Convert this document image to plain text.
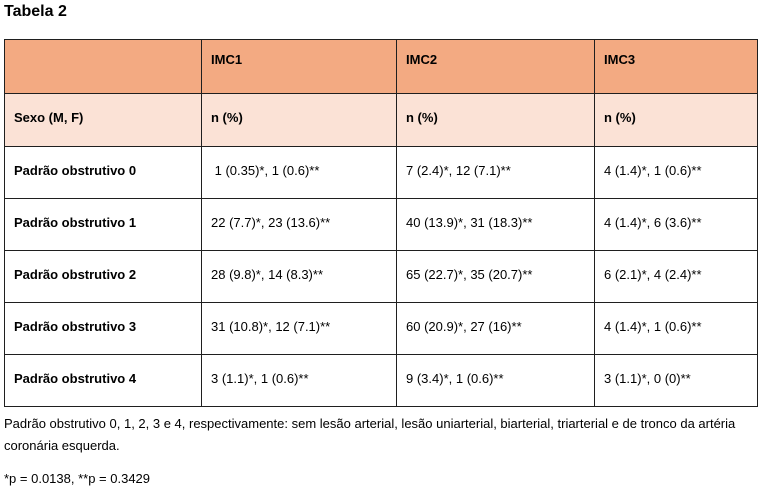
Tabela 2
	IMC1	IMC2	IMC3
Sexo (M, F)	n (%)	n (%)	n (%)
Padrão obstrutivo 0	1 (0.35)*, 1 (0.6)**	7 (2.4)*, 12 (7.1)**	4 (1.4)*, 1 (0.6)**
Padrão obstrutivo 1	22 (7.7)*, 23 (13.6)**	40 (13.9)*, 31 (18.3)**	4 (1.4)*, 6 (3.6)**
Padrão obstrutivo 2	28 (9.8)*, 14 (8.3)**	65 (22.7)*, 35 (20.7)**	6 (2.1)*, 4 (2.4)**
Padrão obstrutivo 3	31 (10.8)*, 12 (7.1)**	60 (20.9)*, 27 (16)**	4 (1.4)*, 1 (0.6)**
Padrão obstrutivo 4	3 (1.1)*, 1 (0.6)**	9 (3.4)*, 1 (0.6)**	3 (1.1)*, 0 (0)**
Padrão obstrutivo 0, 1, 2, 3 e 4, respectivamente: sem lesão arterial, lesão uniarterial, biarterial, triarterial e de tronco da artéria coronária esquerda.
*p = 0.0138, **p = 0.3429
